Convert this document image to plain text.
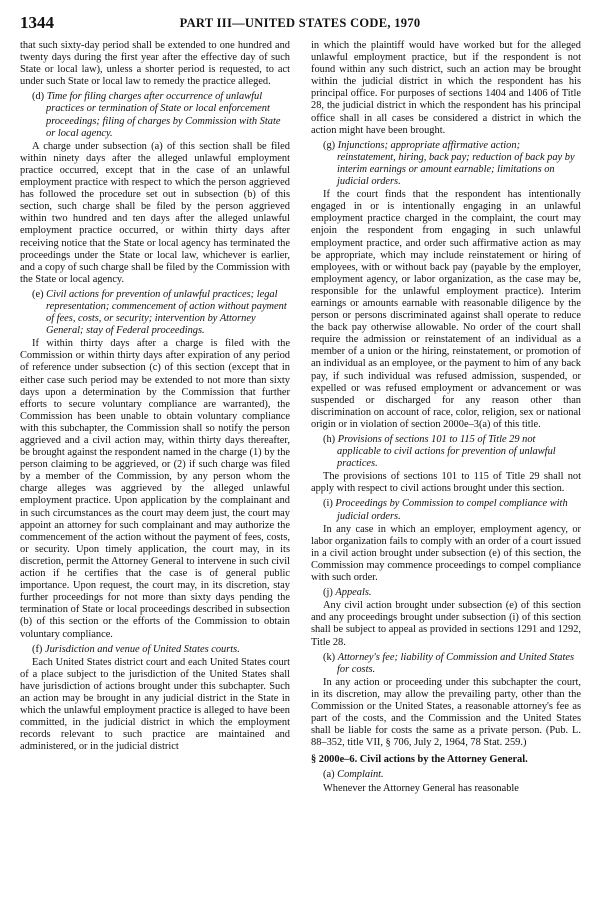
1344	PART III—UNITED STATES CODE, 1970

that such sixty-day period shall be extended to one hundred and twenty days during the first year after the effective day of such State or local law), unless a shorter period is requested, to act under such State or local law to remedy the practice alleged.

(d) Time for filing charges after occurrence of unlawful practices or termination of State or local enforcement proceedings; filing of charges by Commission with State or local agency.

A charge under subsection (a) of this section shall be filed within ninety days after the alleged unlawful employment practice occurred, except that in the case of an unlawful employment practice with respect to which the person aggrieved has followed the procedure set out in subsection (b) of this section, such charge shall be filed by the person aggrieved within two hundred and ten days after the alleged unlawful employment practice occurred, or within thirty days after receiving notice that the State or local agency has terminated the proceedings under the State or local law, whichever is earlier, and a copy of such charge shall be filed by the Commission with the State or local agency.

(e) Civil actions for prevention of unlawful practices; legal representation; commencement of action without payment of fees, costs, or security; intervention by Attorney General; stay of Federal proceedings.

If within thirty days after a charge is filed with the Commission or within thirty days after expiration of any period of reference under subsection (c) of this section (except that in either case such period may be extended to not more than sixty days upon a determination by the Commission that further efforts to secure voluntary compliance are warranted), the Commission has been unable to obtain voluntary compliance with this subchapter, the Commission shall so notify the person aggrieved and a civil action may, within thirty days thereafter, be brought against the respondent named in the charge (1) by the person claiming to be aggrieved, or (2) if such charge was filed by a member of the Commission, by any person whom the charge alleges was aggrieved by the alleged unlawful employment practice. Upon application by the complainant and in such circumstances as the court may deem just, the court may appoint an attorney for such complainant and may authorize the commencement of the action without the payment of fees, costs, or security. Upon timely application, the court may, in its discretion, permit the Attorney General to intervene in such civil action if he certifies that the case is of general public importance. Upon request, the court may, in its discretion, stay further proceedings for not more than sixty days pending the termination of State or local proceedings described in subsection (b) of this section or the efforts of the Commission to obtain voluntary compliance.

(f) Jurisdiction and venue of United States courts.

Each United States district court and each United States court of a place subject to the jurisdiction of the United States shall have jurisdiction of actions brought under this subchapter. Such an action may be brought in any judicial district in the State in which the unlawful employment practice is alleged to have been committed, in the judicial district in which the employment records relevant to such practice are maintained and administered, or in the judicial district

in which the plaintiff would have worked but for the alleged unlawful employment practice, but if the respondent is not found within any such district, such an action may be brought within the judicial district in which the respondent has his principal office. For purposes of sections 1404 and 1406 of Title 28, the judicial district in which the respondent has his principal office shall in all cases be considered a district in which the action might have been brought.

(g) Injunctions; appropriate affirmative action; reinstatement, hiring, back pay; reduction of back pay by interim earnings or amount earnable; limitations on judicial orders.

If the court finds that the respondent has intentionally engaged in or is intentionally engaging in an unlawful employment practice charged in the complaint, the court may enjoin the respondent from engaging in such unlawful employment practice, and order such affirmative action as may be appropriate, which may include reinstatement or hiring of employees, with or without back pay (payable by the employer, employment agency, or labor organization, as the case may be, responsible for the unlawful employment practice). Interim earnings or amounts earnable with reasonable diligence by the person or persons discriminated against shall operate to reduce the back pay otherwise allowable. No order of the court shall require the admission or reinstatement of an individual as a member of a union or the hiring, reinstatement, or promotion of an individual as an employee, or the payment to him of any back pay, if such individual was refused admission, suspended, or expelled or was refused employment or advancement or was suspended or discharged for any reason other than discrimination on account of race, color, religion, sex or national origin or in violation of section 2000e–3(a) of this title.

(h) Provisions of sections 101 to 115 of Title 29 not applicable to civil actions for prevention of unlawful practices.

The provisions of sections 101 to 115 of Title 29 shall not apply with respect to civil actions brought under this section.

(i) Proceedings by Commission to compel compliance with judicial orders.

In any case in which an employer, employment agency, or labor organization fails to comply with an order of a court issued in a civil action brought under subsection (e) of this section, the Commission may commence proceedings to compel compliance with such order.

(j) Appeals.

Any civil action brought under subsection (e) of this section and any proceedings brought under subsection (i) of this section shall be subject to appeal as provided in sections 1291 and 1292, Title 28.

(k) Attorney's fee; liability of Commission and United States for costs.

In any action or proceeding under this subchapter the court, in its discretion, may allow the prevailing party, other than the Commission or the United States, a reasonable attorney's fee as part of the costs, and the Commission and the United States shall be liable for costs the same as a private person. (Pub. L. 88–352, title VII, § 706, July 2, 1964, 78 Stat. 259.)

§ 2000e–6. Civil actions by the Attorney General.

(a) Complaint.

Whenever the Attorney General has reasonable
